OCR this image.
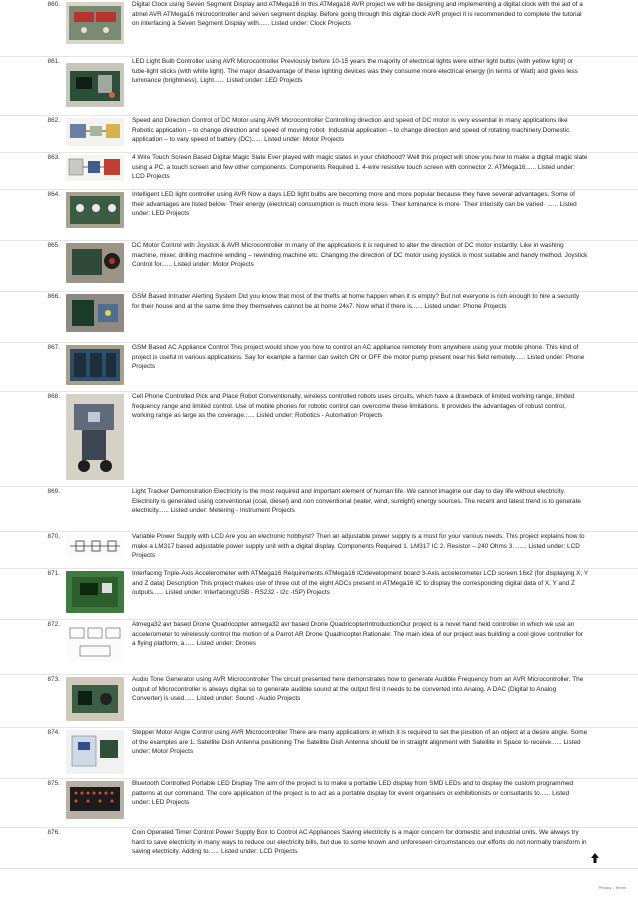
860.	Digital Clock using Seven Segment Display and ATMega16 In this ATMega16 AVR project we will be designing and implementing a digital clock with the aid of a atmel AVR ATMega16 microcontroller and seven segment display. Before going through this digital clock AVR project it is recommended to complete the tutorial on interfacing a Seven Segment Display with...... Listed under: Clock Projects
861.	LED Light Bulb Controller using AVR Microcontroller Previously before 10-15 years the majority of electrical lights were either light bulbs (with yellow light) or tube-light sticks (with white light). The major disadvantage of these lighting devices was they consume more electrical energy (in terms of Watt) and gives less luminance (brightness). Light...... Listed under: LED Projects
862.	Speed and Direction Control of DC Motor using AVR Microcontroller Controlling direction and speed of DC motor is very essential in many applications like Robotic application – to change direction and speed of moving robot· Industrial application – to change direction and speed of rotating machinery Domestic application – to vary speed of battery (DC)...... Listed under: Motor Projects
863.	4 Wire Touch Screen Based Digital Magic Slate Ever played with magic slates in your childhood? Well this project will show you how to make a digital magic slate using a PC, a touch screen and few other components. Components Required 1. 4-wire resistive touch screen with connector 2. ATMega16...... Listed under: LCD Projects
864.	Intelligent LED light controller using AVR Now a days LED light bulbs are becoming more and more popular because they have several advantages. Some of their advantages are listed below· Their energy (electrical) consumption is much more less· Their luminance is more· Their intensity can be varied· ...... Listed under: LED Projects
865.	DC Motor Control with Joystick & AVR Microcontroller In many of the applications it is required to alter the direction of DC motor instantly. Like in washing machine, mixer, drilling machine winding – rewinding machine etc. Changing the direction of DC motor using joystick is most suitable and handy method. Joystick Control for...... Listed under: Motor Projects
866.	GSM Based Intruder Alerting System Did you know that most of the thefts at home happen when it is empty? But not everyone is rich enough to hire a security for their house and at the same time they themselves cannot be at home 24x7. Now what if there is...... Listed under: Phone Projects
867.	GSM Based AC Appliance Control This project would show you how to control an AC appliance remotely from anywhere using your mobile phone. This kind of project is useful in various applications. Say for example a farmer can switch ON or OFF the motor pump present near his field remotely...... Listed under: Phone Projects
868.	Cell Phone Controlled Pick and Place Robot Conventionally, wireless controlled robots uses circuits, which have a drawback of limited working range, limited frequency range and limited control. Use of mobile phones for robotic control can overcome these limitations. It provides the advantages of robust control, working range as large as the coverage...... Listed under: Robotics - Automation Projects
869.	Light Tracker Demonstration Electricity is the most required and important element of human life. We cannot imagine our day to day life without electricity. Electricity is generated using conventional (coal, diesel) and non conventional (water, wind, sunlight) energy sources. The recent and latest trend is to generate electricity...... Listed under: Metering - Instrument Projects
870.	Variable Power Supply with LCD Are you an electronic hobbyist? Then an adjustable power supply is a must for your various needs. This project explains how to make a LM317 based adjustable power supply unit with a digital display. Components Required 1. LM317 IC 2. Resistor – 240 Ohms 3. ...... Listed under: LCD Projects
871.	Interfacing Triple-Axis Accelerometer with ATMega16 Requirements ATMega16 IC/development board 3-Axis accelerometer LCD screen 16x2 (for displaying X, Y and Z data) Description This project makes use of three out of the eight ADCs present in ATMega16 IC to display the corresponding digital data of X, Y and Z outputs...... Listed under: Interfacing(USB - RS232 - I2c -ISP) Projects
872.	Atmega32 avr based Drone Quadricopter atmega32 avr based Drone QuadricopterIntroductionOur project is a novel hand held controller in which we use an accelerometer to wirelessly control the motion of a Parrot AR Drone Quadricopter.Rationale: The main idea of our project was building a cool glove controller for a flying platform, a...... Listed under: Drones
873.	Audio Tone Generator using AVR Microcontroller The circuit presented here demonstrates how to generate Audible Frequency from an AVR Microcontroller. The output of Microcontroller is always digital so to generate audible sound at the output first it needs to be converted into Analog. A DAC (Digital to Analog Converter) is used...... Listed under: Sound - Audio Projects
874.	Stepper Motor Angle Control using AVR Microcontroller There are many applications in which it is required to set the position of an object at a desire angle. Some of the examples are 1. Satellite Dish Antenna positioning The Satellite Dish Antenna should be in straight alignment with Satellite in Space to receive...... Listed under: Motor Projects
875.	Bluetooth Controlled Portable LED Display The aim of the project is to make a portable LED display from SMD LEDs and to display the custom programmed patterns at our command. The core application of the project is to act as a portable display for event organisers or exhibitionists or consultants to...... Listed under: LED Projects
876.	Coin Operated Timer Control Power Supply Box to Control AC Appliances Saving electricity is a major concern for domestic and industrial units. We always try hard to save electricity in many ways to reduce our electricity bills, but due to some known and unforeseen circumstances our efforts do not normally transform in saving electricity. Adding to...... Listed under: LCD Projects
Privacy - Terms
